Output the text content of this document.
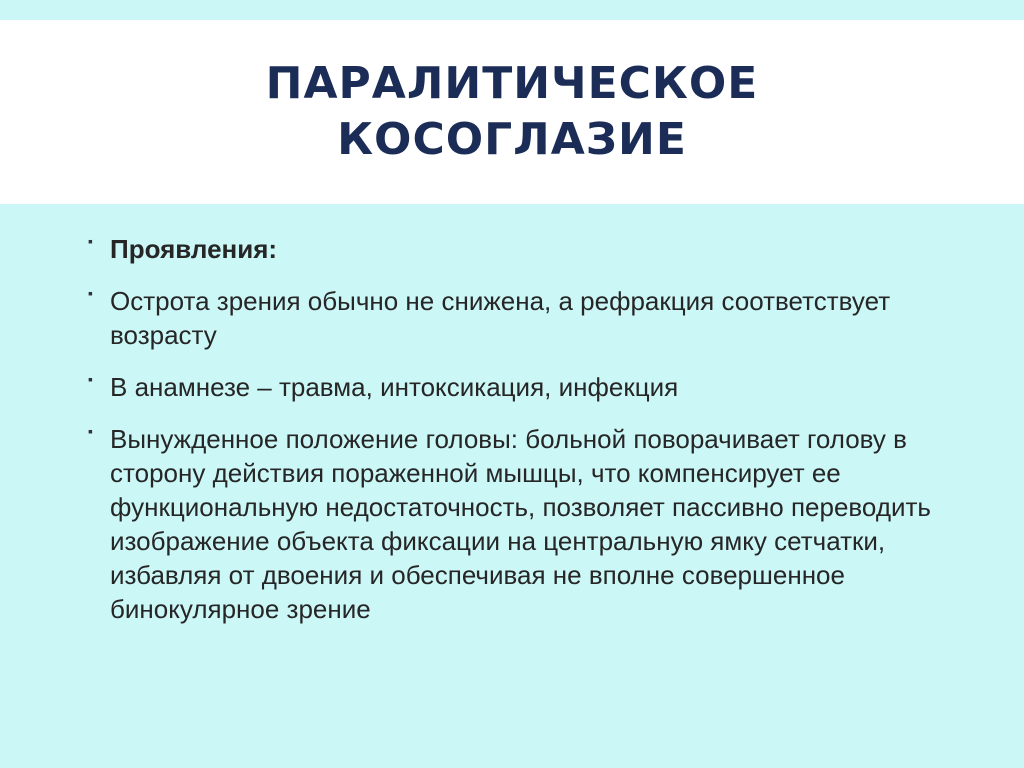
ПАРАЛИТИЧЕСКОЕ
КОСОГЛАЗИЕ
▪ Проявления:
▪ Острота зрения обычно не снижена, а рефракция соответствует возрасту
▪ В анамнезе – травма, интоксикация, инфекция
▪ Вынужденное положение головы: больной поворачивает голову в сторону действия пораженной мышцы, что компенсирует ее функциональную недостаточность, позволяет пассивно переводить изображение объекта фиксации на центральную ямку сетчатки, избавляя от двоения и обеспечивая не вполне совершенное бинокулярное зрение
